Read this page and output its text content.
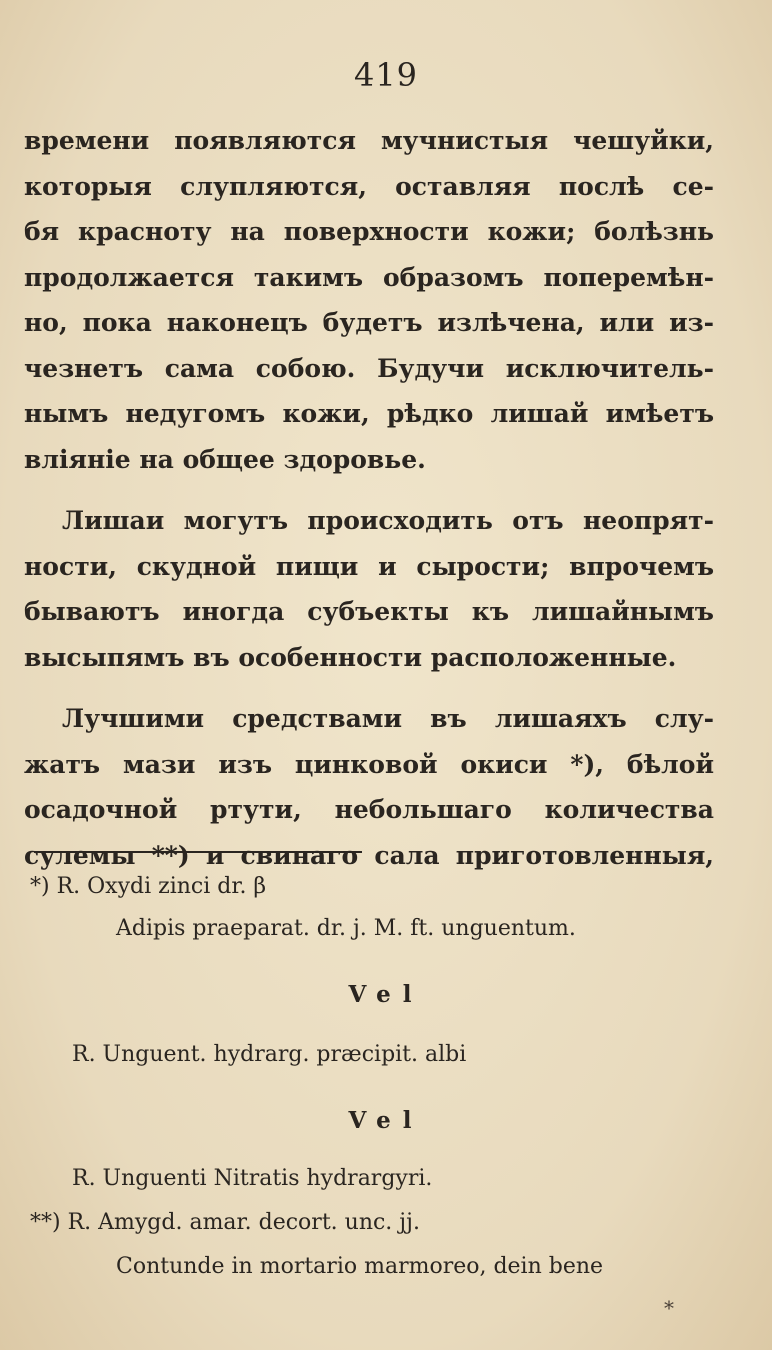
419
времени появляются мучнистыя чешуйки,
которыя слупляются, оставляя послѣ се-
бя красноту на поверхности кожи; болѣзнь
продолжается такимъ образомъ поперемѣн-
но, пока наконецъ будетъ излѣчена, или из-
чезнетъ сама собою. Будучи исключитель-
нымъ недугомъ кожи, рѣдко лишай имѣетъ
вліяніе на общее здоровье.
Лишаи могутъ происходить отъ неопрят-
ности, скудной пищи и сырости; впрочемъ
бываютъ иногда субъекты къ лишайнымъ
высыпямъ въ особенности расположенные.
Лучшими средствами въ лишаяхъ слу-
жатъ мази изъ цинковой окиси *), бѣлой
осадочной ртути, небольшаго количества
сулемы **) и свинаго сала приготовленныя,
*) R. Oxydi zinci dr. β
Adipis praeparat. dr. j. M. ft. unguentum.
Vel
R. Unguent. hydrarg. præcipit. albi
Vel
R. Unguenti Nitratis hydrargyri.
**) R. Amygd. amar. decort. unc. jj.
Contunde in mortario marmoreo, dein bene
*
